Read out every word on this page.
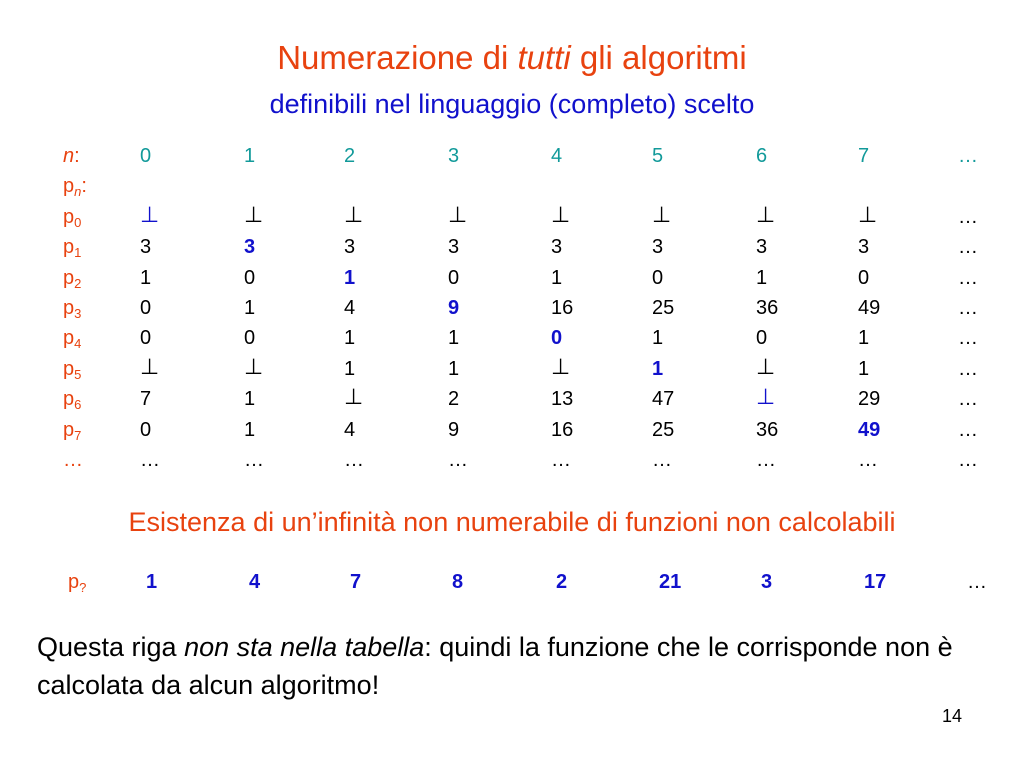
Numerazione di tutti gli algoritmi
definibili nel linguaggio (completo) scelto
n:	0	1	2	3	4	5	6	7	…
$p_n$:
$p_0$	⊥	⊥	⊥	⊥	⊥	⊥	⊥	⊥	…
$p_1$	3	3	3	3	3	3	3	3	…
$p_2$	1	0	1	0	1	0	1	0	…
$p_3$	0	1	4	9	16	25	36	49	…
$p_4$	0	0	1	1	0	1	0	1	…
$p_5$	⊥	⊥	1	1	⊥	1	⊥	1	…
$p_6$	7	1	⊥	2	13	47	⊥	29	…
$p_7$	0	1	4	9	16	25	36	49	…
…	…	…	…	…	…	…	…	…	…
Esistenza di un’infinità non numerabile di funzioni non calcolabili
$p_?$	1	4	7	8	2	21	3	17	…
Questa riga non sta nella tabella: quindi la funzione che le corrisponde non è calcolata da alcun algoritmo!
14
